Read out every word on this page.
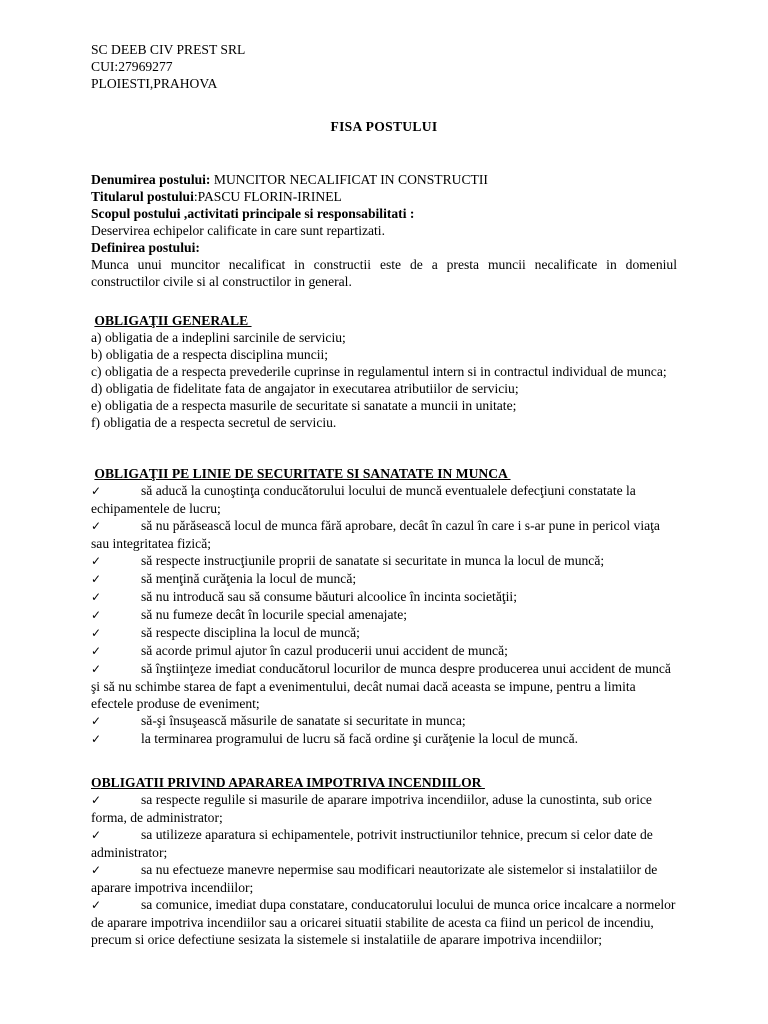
SC DEEB CIV PREST SRL
CUI:27969277
PLOIESTI,PRAHOVA
FISA POSTULUI
Denumirea postului: MUNCITOR NECALIFICAT IN CONSTRUCTII
Titularul postului:PASCU FLORIN-IRINEL
Scopul postului ,activitati principale si responsabilitati :
Deservirea echipelor calificate in care sunt repartizati.
Definirea postului:
Munca unui muncitor necalificat in constructii este de a presta muncii necalificate in domeniul constructilor civile si al constructilor in general.
OBLIGAŢII GENERALE
a) obligatia de a indeplini sarcinile de serviciu;
b) obligatia de a respecta disciplina muncii;
c) obligatia de a respecta prevederile cuprinse in regulamentul intern si in contractul individual de munca;
d) obligatia de fidelitate fata de angajator in executarea atributiilor de serviciu;
e) obligatia de a respecta masurile de securitate si sanatate a muncii in unitate;
f) obligatia de a respecta secretul de serviciu.
OBLIGAŢII PE LINIE DE SECURITATE SI SANATATE IN MUNCA
✓	să aducă la cunoştinţa conducătorului locului de muncă eventualele defecţiuni constatate la echipamentele de lucru;
✓	să nu părăsească locul de munca fără aprobare, decât în cazul în care i s-ar pune in pericol viaţa sau integritatea fizică;
✓	să respecte instrucţiunile proprii de sanatate si securitate in munca la locul de muncă;
✓	să menţină curăţenia la locul de muncă;
✓	să nu introducă sau să consume băuturi alcoolice în incinta societăţii;
✓	să nu fumeze decât în locurile special amenajate;
✓	să respecte disciplina la locul de muncă;
✓	să acorde primul ajutor în cazul producerii unui accident de muncă;
✓	să înştiinţeze imediat conducătorul locurilor de munca despre producerea unui accident de muncă şi să nu schimbe starea de fapt a evenimentului, decât numai dacă aceasta se impune, pentru a limita efectele produse de eveniment;
✓	să-şi însuşească măsurile de sanatate si securitate in munca;
✓	la terminarea programului de lucru să facă ordine şi curăţenie la locul de muncă.
OBLIGATII PRIVIND APARAREA IMPOTRIVA INCENDIILOR
✓	sa respecte regulile si masurile de aparare impotriva incendiilor, aduse la cunostinta, sub orice forma, de administrator;
✓	sa utilizeze aparatura si echipamentele, potrivit instructiunilor tehnice, precum si celor date de administrator;
✓	sa nu efectueze manevre nepermise sau modificari neautorizate ale sistemelor si instalatiilor de aparare impotriva incendiilor;
✓	sa comunice, imediat dupa constatare, conducatorului locului de munca orice incalcare a normelor de aparare impotriva incendiilor sau a oricarei situatii stabilite de acesta ca fiind un pericol de incendiu, precum si orice defectiune sesizata la sistemele si instalatiile de aparare impotriva incendiilor;
